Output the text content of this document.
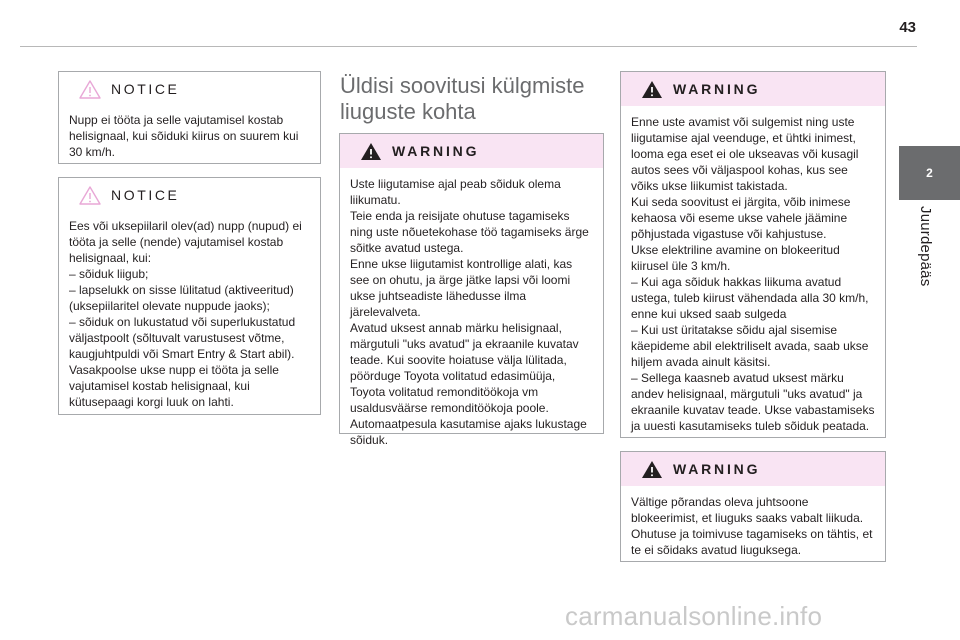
43
2
Juurdepääs
NOTICE

Nupp ei tööta ja selle vajutamisel kostab helisignaal, kui sõiduki kiirus on suurem kui 30 km/h.

NOTICE

Ees või uksepiilaril olev(ad) nupp (nupud) ei tööta ja selle (nende) vajutamisel kostab helisignaal, kui:
– sõiduk liigub;
– lapselukk on sisse lülitatud (aktiveeritud) (uksepiilaritel olevate nuppude jaoks);
– sõiduk on lukustatud või superlukustatud väljastpoolt (sõltuvalt varustusest võtme, kaugjuhtpuldi või Smart Entry & Start abil).
Vasakpoolse ukse nupp ei tööta ja selle vajutamisel kostab helisignaal, kui kütusepaagi korgi luuk on lahti.

Üldisi soovitusi külgmiste liuguste kohta
WARNING

Uste liigutamise ajal peab sõiduk olema liikumatu.
Teie enda ja reisijate ohutuse tagamiseks ning uste nõuetekohase töö tagamiseks ärge sõitke avatud ustega.
Enne ukse liigutamist kontrollige alati, kas see on ohutu, ja ärge jätke lapsi või loomi ukse juhtseadiste lähedusse ilma järelevalveta.
Avatud uksest annab märku helisignaal, märgutuli "uks avatud" ja ekraanile kuvatav teade. Kui soovite hoiatuse välja lülitada, pöörduge Toyota volitatud edasimüüja, Toyota volitatud remonditöökoja vm usaldusväärse remonditöökoja poole.
Automaatpesula kasutamise ajaks lukustage sõiduk.

WARNING

Enne uste avamist või sulgemist ning uste liigutamise ajal veenduge, et ühtki inimest, looma ega eset ei ole ukseavas või kusagil autos sees või väljaspool kohas, kus see võiks ukse liikumist takistada.
Kui seda soovitust ei järgita, võib inimese kehaosa või eseme ukse vahele jäämine põhjustada vigastuse või kahjustuse.
Ukse elektriline avamine on blokeeritud kiirusel üle 3 km/h.
– Kui aga sõiduk hakkas liikuma avatud ustega, tuleb kiirust vähendada alla 30 km/h, enne kui uksed saab sulgeda
– Kui ust üritatakse sõidu ajal sisemise käepideme abil elektriliselt avada, saab ukse hiljem avada ainult käsitsi.
– Sellega kaasneb avatud uksest märku andev helisignaal, märgutuli "uks avatud" ja ekraanile kuvatav teade. Ukse vabastamiseks ja uuesti kasutamiseks tuleb sõiduk peatada.

WARNING

Vältige põrandas oleva juhtsoone blokeerimist, et liuguks saaks vabalt liikuda. Ohutuse ja toimivuse tagamiseks on tähtis, et te ei sõidaks avatud liuguksega.

carmanualsonline.info
